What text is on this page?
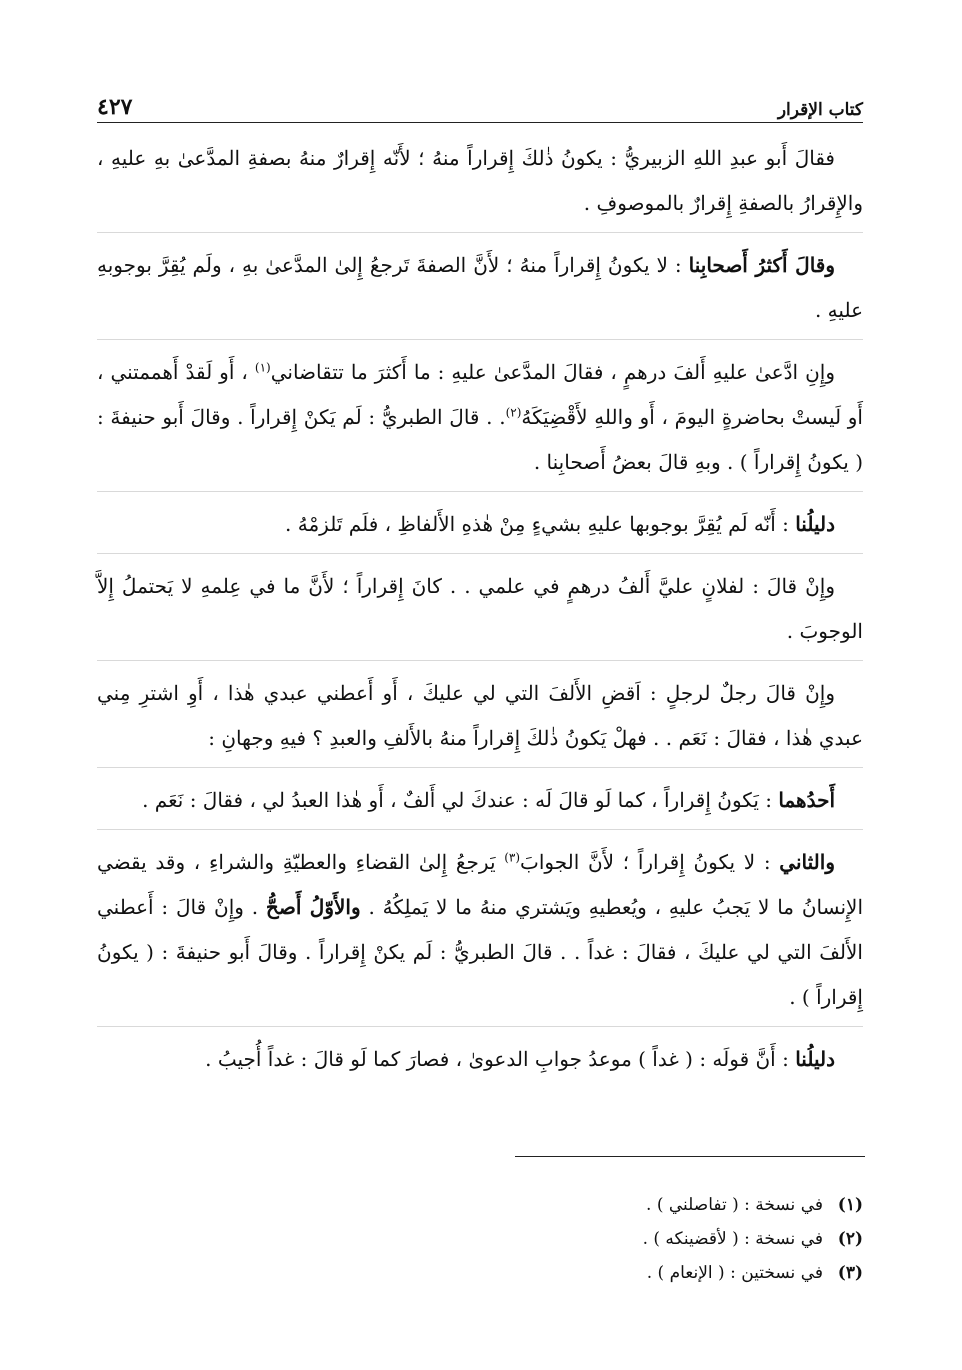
كتاب الإقرار
٤٢٧

فقالَ أَبو عبدِ اللهِ الزبيريُّ : يكونُ ذٰلكَ إِقراراً منهُ ؛ لأَنّه إِقرارٌ منهُ بصفةِ المدَّعىٰ بهِ عليهِ ، والإِقرارُ بالصفةِ إِقرارٌ بالموصوفِ .

وقالَ أَكثرُ أَصحابِنا : لا يكونُ إِقراراً منهُ ؛ لأَنَّ الصفةَ تَرجعُ إِلىٰ المدَّعىٰ بهِ ، ولَم يُقِرَّ بوجوبهِ عليهِ .

وإِنِ ادَّعىٰ عليهِ أَلفَ درهمٍ ، فقالَ المدَّعىٰ عليهِ : ما أَكثرَ ما تتقاضاني$^{(١)}$ ، أَو لَقدْ أَهممتني ، أَو لَيستْ بحاضرةٍ اليومَ ، أَو واللهِ لأَقْضِيَكَهُ$^{(٢)}$. . قالَ الطبريُّ : لَم يَكنْ إِقراراً . وقالَ أَبو حنيفةَ : ( يكونُ إِقراراً ) . وبهِ قالَ بعضُ أَصحابِنا .

دليلُنا : أَنّه لَم يُقِرَّ بوجوبها عليهِ بشيءٍ مِنْ هٰذهِ الأَلفاظِ ، فلَم تَلزمْهُ .

وإِنْ قالَ : لفلانٍ عليَّ أَلفُ درهمٍ في علمي . . كانَ إِقراراً ؛ لأَنَّ ما في عِلمهِ لا يَحتملُ إِلاَّ الوجوبَ .

وإِنْ قالَ رجلٌ لرجلٍ : اَقضِ الأَلفَ التي لي عليكَ ، أَو أَعطني عبدي هٰذا ، أَوِ اشترِ مِني عبدي هٰذا ، فقالَ : نَعَم . . فهلْ يَكونُ ذٰلكَ إِقراراً منهُ بالأَلفِ والعبدِ ؟ فيهِ وجهانِ :

أَحدُهما : يَكونُ إِقراراً ، كما لَو قالَ لَه : عندكَ لي أَلفٌ ، أَو هٰذا العبدُ لي ، فقالَ : نَعَم .

والثاني : لا يكونُ إِقراراً ؛ لأَنَّ الجوابَ$^{(٣)}$ يَرجعُ إِلىٰ القضاءِ والعطيّةِ والشراءِ ، وقد يقضي الإِنسانُ ما لا يَجبُ عليهِ ، ويُعطيهِ ويَشتري منهُ ما لا يَملِكُهُ . والأَوّلُ أَصحُّ . وإِنْ قالَ : أَعطني الأَلفَ التي لي عليكَ ، فقالَ : غداً . . قالَ الطبريُّ : لَم يكنْ إِقراراً . وقالَ أَبو حنيفةَ : ( يكونُ إِقراراً ) .

دليلُنا : أَنَّ قولَه : ( غداً ) موعدُ جوابِ الدعوىٰ ، فصارَ كما لَو قالَ : غداً أُجيبُ .

(١)
في نسخة : ( تفاصلني ) .
(٢)
في نسخة : ( لأقضينكه ) .
(٣)
في نسختين : ( الإنعام ) .
